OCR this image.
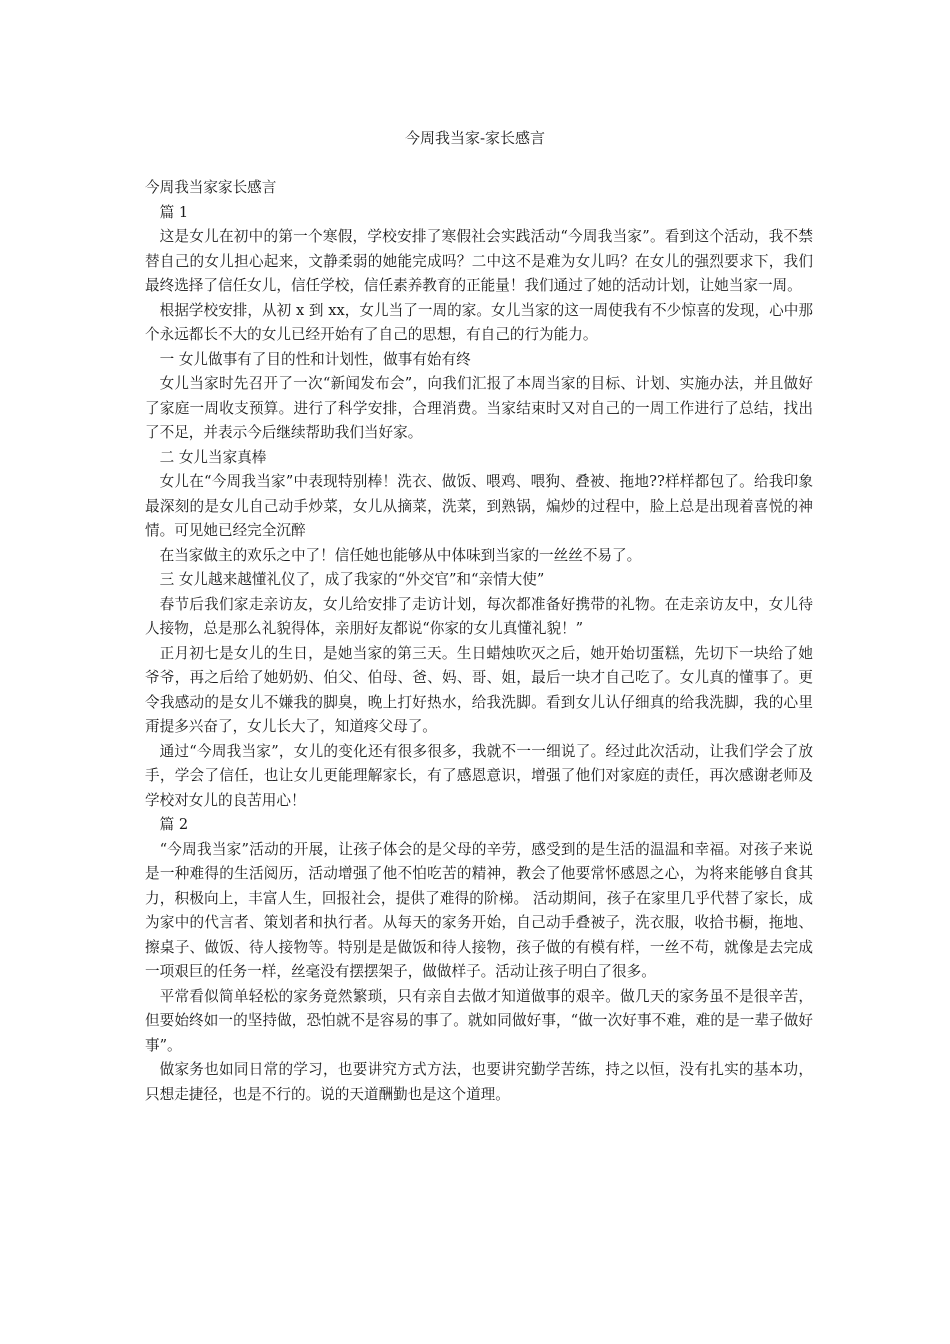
今周我当家-家长感言

今周我当家家长感言

篇 1

这是女儿在初中的第一个寒假，学校安排了寒假社会实践活动“今周我当家”。看到这个活动，我不禁替自己的女儿担心起来，文静柔弱的她能完成吗？二中这不是难为女儿吗？在女儿的强烈要求下，我们最终选择了信任女儿，信任学校，信任素养教育的正能量！我们通过了她的活动计划，让她当家一周。

根据学校安排，从初 x 到 xx，女儿当了一周的家。女儿当家的这一周使我有不少惊喜的发现，心中那个永远都长不大的女儿已经开始有了自己的思想，有自己的行为能力。

一 女儿做事有了目的性和计划性，做事有始有终

女儿当家时先召开了一次“新闻发布会”，向我们汇报了本周当家的目标、计划、实施办法，并且做好了家庭一周收支预算。进行了科学安排，合理消费。当家结束时又对自己的一周工作进行了总结，找出了不足，并表示今后继续帮助我们当好家。

二 女儿当家真棒

女儿在“今周我当家”中表现特别棒！洗衣、做饭、喂鸡、喂狗、叠被、拖地??样样都包了。给我印象最深刻的是女儿自己动手炒菜，女儿从摘菜，洗菜，到熟锅，煸炒的过程中，脸上总是出现着喜悦的神情。可见她已经完全沉醉

在当家做主的欢乐之中了！信任她也能够从中体味到当家的一丝丝不易了。

三 女儿越来越懂礼仪了，成了我家的“外交官”和“亲情大使”

春节后我们家走亲访友，女儿给安排了走访计划，每次都准备好携带的礼物。在走亲访友中，女儿待人接物，总是那么礼貌得体，亲朋好友都说“你家的女儿真懂礼貌！”

正月初七是女儿的生日，是她当家的第三天。生日蜡烛吹灭之后，她开始切蛋糕，先切下一块给了她爷爷，再之后给了她奶奶、伯父、伯母、爸、妈、哥、姐，最后一块才自己吃了。女儿真的懂事了。更令我感动的是女儿不嫌我的脚臭，晚上打好热水，给我洗脚。看到女儿认仔细真的给我洗脚，我的心里甭提多兴奋了，女儿长大了，知道疼父母了。

通过“今周我当家”，女儿的变化还有很多很多，我就不一一细说了。经过此次活动，让我们学会了放手，学会了信任，也让女儿更能理解家长，有了感恩意识，增强了他们对家庭的责任，再次感谢老师及学校对女儿的良苦用心！

篇 2

“今周我当家”活动的开展，让孩子体会的是父母的辛劳，感受到的是生活的温温和幸福。对孩子来说是一种难得的生活阅历，活动增强了他不怕吃苦的精神，教会了他要常怀感恩之心，为将来能够自食其力，积极向上，丰富人生，回报社会，提供了难得的阶梯。 活动期间，孩子在家里几乎代替了家长，成为家中的代言者、策划者和执行者。从每天的家务开始，自己动手叠被子，洗衣服，收拾书橱，拖地、擦桌子、做饭、待人接物等。特别是是做饭和待人接物，孩子做的有模有样，一丝不苟，就像是去完成一项艰巨的任务一样，丝毫没有摆摆架子，做做样子。活动让孩子明白了很多。

平常看似简单轻松的家务竟然繁琐，只有亲自去做才知道做事的艰辛。做几天的家务虽不是很辛苦，但要始终如一的坚持做，恐怕就不是容易的事了。就如同做好事，“做一次好事不难，难的是一辈子做好事”。

做家务也如同日常的学习，也要讲究方式方法，也要讲究勤学苦练，持之以恒，没有扎实的基本功，只想走捷径，也是不行的。说的天道酬勤也是这个道理。
